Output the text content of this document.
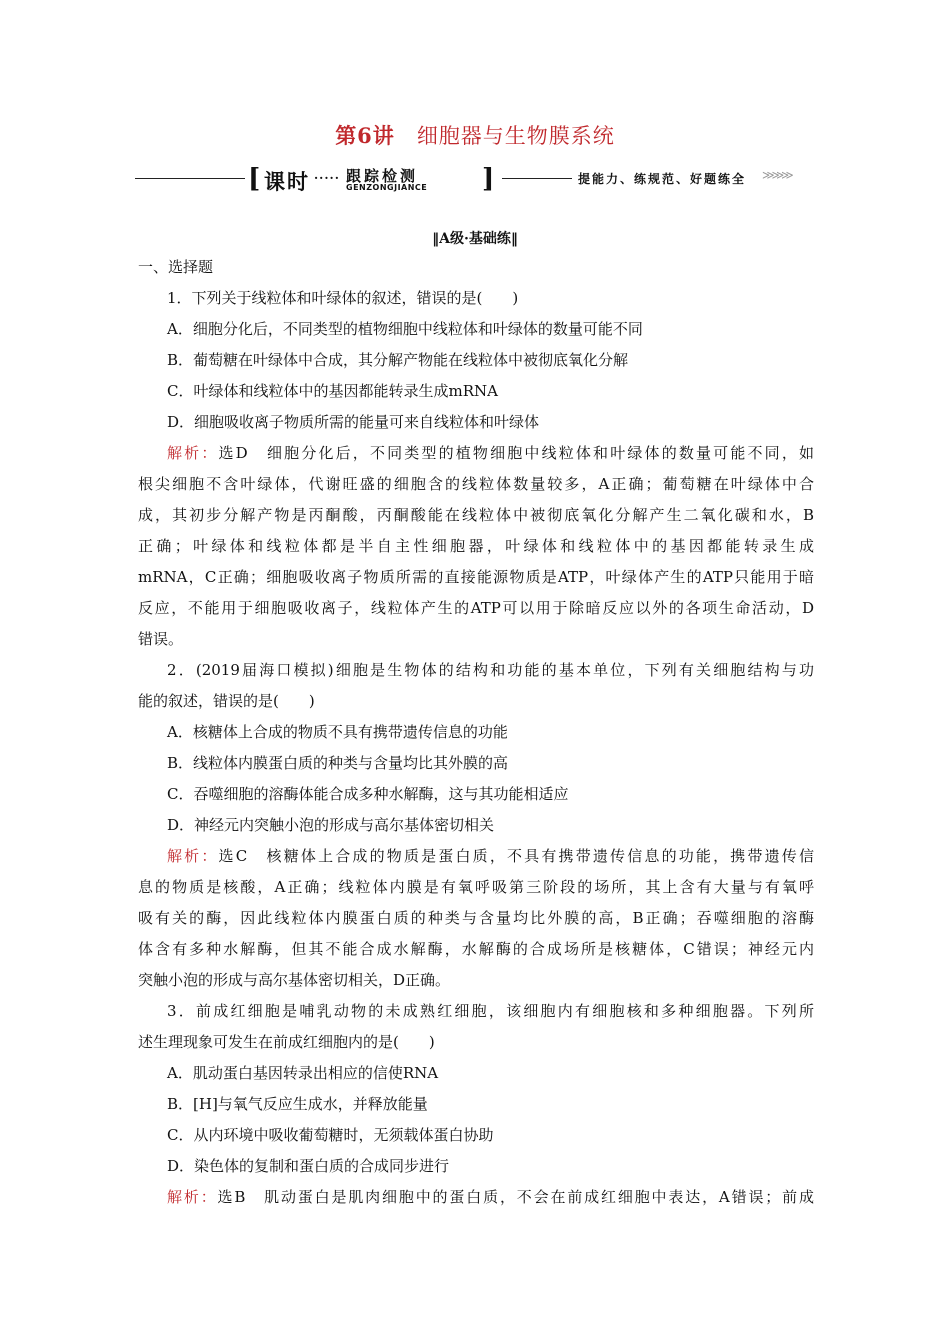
第6讲　 细胞器与生物膜系统
[ 课时 ····· 跟踪检测
GENZONGJIANCE ]	提能力、练规范、好题练全 ≫≫≫
‖A级·基础练‖
一、选择题
1．下列关于线粒体和叶绿体的叙述，错误的是(　　)
A．细胞分化后，不同类型的植物细胞中线粒体和叶绿体的数量可能不同
B．葡萄糖在叶绿体中合成，其分解产物能在线粒体中被彻底氧化分解
C．叶绿体和线粒体中的基因都能转录生成mRNA
D．细胞吸收离子物质所需的能量可来自线粒体和叶绿体
解析：选D　细胞分化后，不同类型的植物细胞中线粒体和叶绿体的数量可能不同，如
根尖细胞不含叶绿体，代谢旺盛的细胞含的线粒体数量较多，A正确；葡萄糖在叶绿体中合
成，其初步分解产物是丙酮酸，丙酮酸能在线粒体中被彻底氧化分解产生二氧化碳和水，B
正确；叶绿体和线粒体都是半自主性细胞器，叶绿体和线粒体中的基因都能转录生成
mRNA，C正确；细胞吸收离子物质所需的直接能源物质是ATP，叶绿体产生的ATP只能用于暗
反应，不能用于细胞吸收离子，线粒体产生的ATP可以用于除暗反应以外的各项生命活动，D
错误。
2．(2019届海口模拟)细胞是生物体的结构和功能的基本单位，下列有关细胞结构与功
能的叙述，错误的是(　　)
A．核糖体上合成的物质不具有携带遗传信息的功能
B．线粒体内膜蛋白质的种类与含量均比其外膜的高
C．吞噬细胞的溶酶体能合成多种水解酶，这与其功能相适应
D．神经元内突触小泡的形成与高尔基体密切相关
解析：选C　核糖体上合成的物质是蛋白质，不具有携带遗传信息的功能，携带遗传信
息的物质是核酸，A正确；线粒体内膜是有氧呼吸第三阶段的场所，其上含有大量与有氧呼
吸有关的酶，因此线粒体内膜蛋白质的种类与含量均比外膜的高，B正确；吞噬细胞的溶酶
体含有多种水解酶，但其不能合成水解酶，水解酶的合成场所是核糖体，C错误；神经元内
突触小泡的形成与高尔基体密切相关，D正确。
3．前成红细胞是哺乳动物的未成熟红细胞，该细胞内有细胞核和多种细胞器。下列所
述生理现象可发生在前成红细胞内的是(　　)
A．肌动蛋白基因转录出相应的信使RNA
B．[H]与氧气反应生成水，并释放能量
C．从内环境中吸收葡萄糖时，无须载体蛋白协助
D．染色体的复制和蛋白质的合成同步进行
解析：选B　肌动蛋白是肌肉细胞中的蛋白质，不会在前成红细胞中表达，A错误；前成
